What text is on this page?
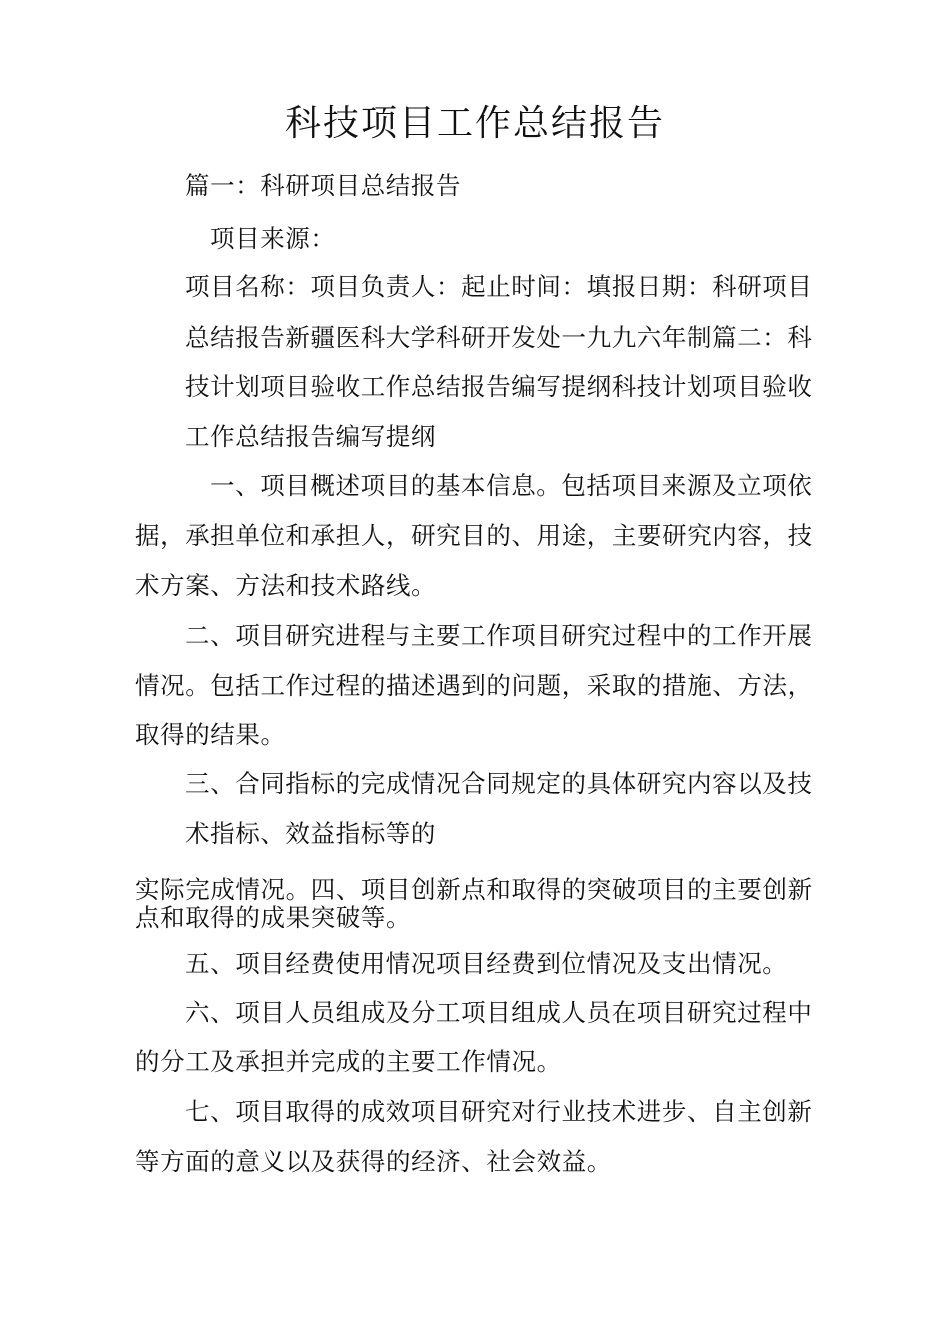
科技项目工作总结报告
篇一：科研项目总结报告
项目来源：
项目名称：项目负责人：起止时间：填报日期：科研项目
总结报告新疆医科大学科研开发处一九九六年制篇二：科
技计划项目验收工作总结报告编写提纲科技计划项目验收
工作总结报告编写提纲
一、项目概述项目的基本信息。包括项目来源及立项依
据，承担单位和承担人，研究目的、用途，主要研究内容，技
术方案、方法和技术路线。
二、项目研究进程与主要工作项目研究过程中的工作开展
情况。包括工作过程的描述遇到的问题，采取的措施、方法，
取得的结果。
三、合同指标的完成情况合同规定的具体研究内容以及技
术指标、效益指标等的
实际完成情况。四、项目创新点和取得的突破项目的主要创新
点和取得的成果突破等。
五、项目经费使用情况项目经费到位情况及支出情况。
六、项目人员组成及分工项目组成人员在项目研究过程中
的分工及承担并完成的主要工作情况。
七、项目取得的成效项目研究对行业技术进步、自主创新
等方面的意义以及获得的经济、社会效益。
